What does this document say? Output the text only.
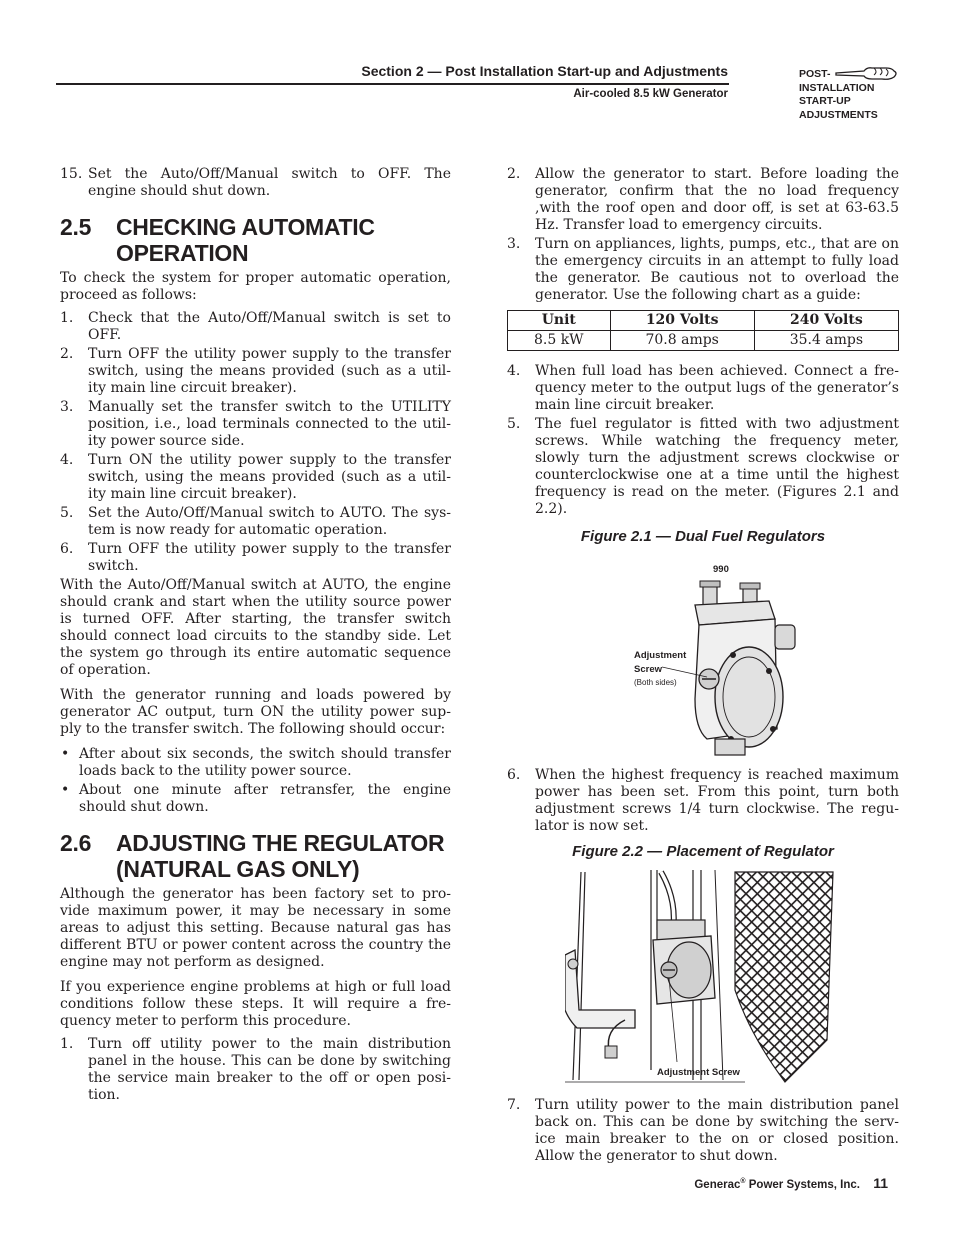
Section 2 — Post Installation Start-up and Adjustments
Air-cooled 8.5 kW Generator
POST-
INSTALLATION
START-UP
ADJUSTMENTS
15. Set the Auto/Off/Manual switch to OFF. The engine should shut down.
2.5 CHECKING AUTOMATIC OPERATION

To check the system for proper automatic operation, proceed as follows:

1. Check that the Auto/Off/Manual switch is set to OFF.
2. Turn OFF the utility power supply to the transfer switch, using the means provided (such as a util-ity main line circuit breaker).
3. Manually set the transfer switch to the UTILITY position, i.e., load terminals connected to the util-ity power source side.
4. Turn ON the utility power supply to the transfer switch, using the means provided (such as a util-ity main line circuit breaker).
5. Set the Auto/Off/Manual switch to AUTO. The sys-tem is now ready for automatic operation.
6. Turn OFF the utility power supply to the transfer switch.

With the Auto/Off/Manual switch at AUTO, the engine should crank and start when the utility source power is turned OFF. After starting, the transfer switch should connect load circuits to the standby side. Let the system go through its entire automatic sequence of operation.

With the generator running and loads powered by generator AC output, turn ON the utility power sup-ply to the transfer switch. The following should occur:

• After about six seconds, the switch should transfer loads back to the utility power source.
• About one minute after retransfer, the engine should shut down.
2.6 ADJUSTING THE REGULATOR (NATURAL GAS ONLY)

Although the generator has been factory set to pro-vide maximum power, it may be necessary in some areas to adjust this setting. Because natural gas has different BTU or power content across the country the engine may not perform as designed.

If you experience engine problems at high or full load conditions follow these steps. It will require a fre-quency meter to perform this procedure.

1. Turn off utility power to the main distribution panel in the house. This can be done by switching the service main breaker to the off or open posi-tion.
2. Allow the generator to start. Before loading the generator, confirm that the no load frequency ,with the roof open and door off, is set at 63-63.5 Hz. Transfer load to emergency circuits.
3. Turn on appliances, lights, pumps, etc., that are on the emergency circuits in an attempt to fully load the generator. Be cautious not to overload the generator. Use the following chart as a guide:
Unit	120 Volts	240 Volts
8.5 kW	70.8 amps	35.4 amps
4. When full load has been achieved. Connect a fre-quency meter to the output lugs of the generator’s main line circuit breaker.
5. The fuel regulator is fitted with two adjustment screws. While watching the frequency meter, slowly turn the adjustment screws clockwise or counterclockwise one at a time until the highest frequency is read on the meter. (Figures 2.1 and 2.2).
Figure 2.1 — Dual Fuel Regulators
990
Adjustment
Screw
(Both sides)
6. When the highest frequency is reached maximum power has been set. From this point, turn both adjustment screws 1/4 turn clockwise. The regu-lator is now set.
Figure 2.2 — Placement of Regulator
Adjustment Screw
7. Turn utility power to the main distribution panel back on. This can be done by switching the serv-ice main breaker to the on or closed position. Allow the generator to shut down.
Generac® Power Systems, Inc. 11
